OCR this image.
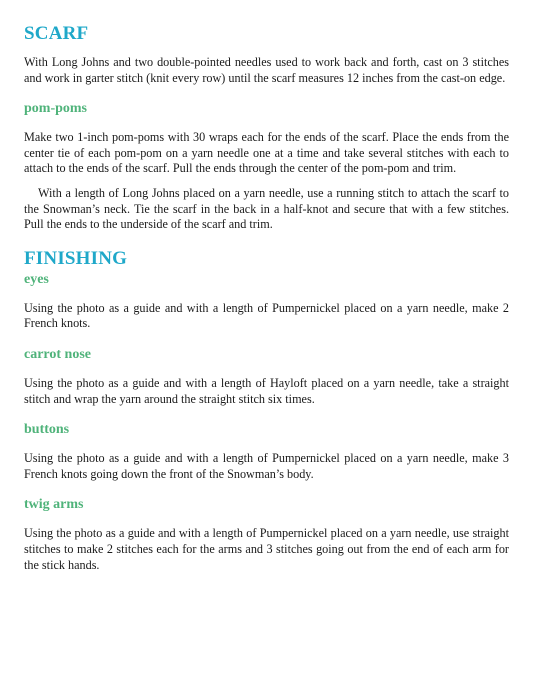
SCARF

With Long Johns and two double-pointed needles used to work back and forth, cast on 3 stitches and work in garter stitch (knit every row) until the scarf measures 12 inches from the cast-on edge.

pom-poms

Make two 1-inch pom-poms with 30 wraps each for the ends of the scarf. Place the ends from the center tie of each pom-pom on a yarn needle one at a time and take several stitches with each to attach to the ends of the scarf. Pull the ends through the center of the pom-pom and trim.

With a length of Long Johns placed on a yarn needle, use a running stitch to attach the scarf to the Snowman’s neck. Tie the scarf in the back in a half-knot and secure that with a few stitches. Pull the ends to the underside of the scarf and trim.

FINISHING
eyes

Using the photo as a guide and with a length of Pumpernickel placed on a yarn needle, make 2 French knots.

carrot nose

Using the photo as a guide and with a length of Hayloft placed on a yarn needle, take a straight stitch and wrap the yarn around the straight stitch six times.

buttons

Using the photo as a guide and with a length of Pumpernickel placed on a yarn needle, make 3 French knots going down the front of the Snowman’s body.

twig arms

Using the photo as a guide and with a length of Pumpernickel placed on a yarn needle, use straight stitches to make 2 stitches each for the arms and 3 stitches going out from the end of each arm for the stick hands.
